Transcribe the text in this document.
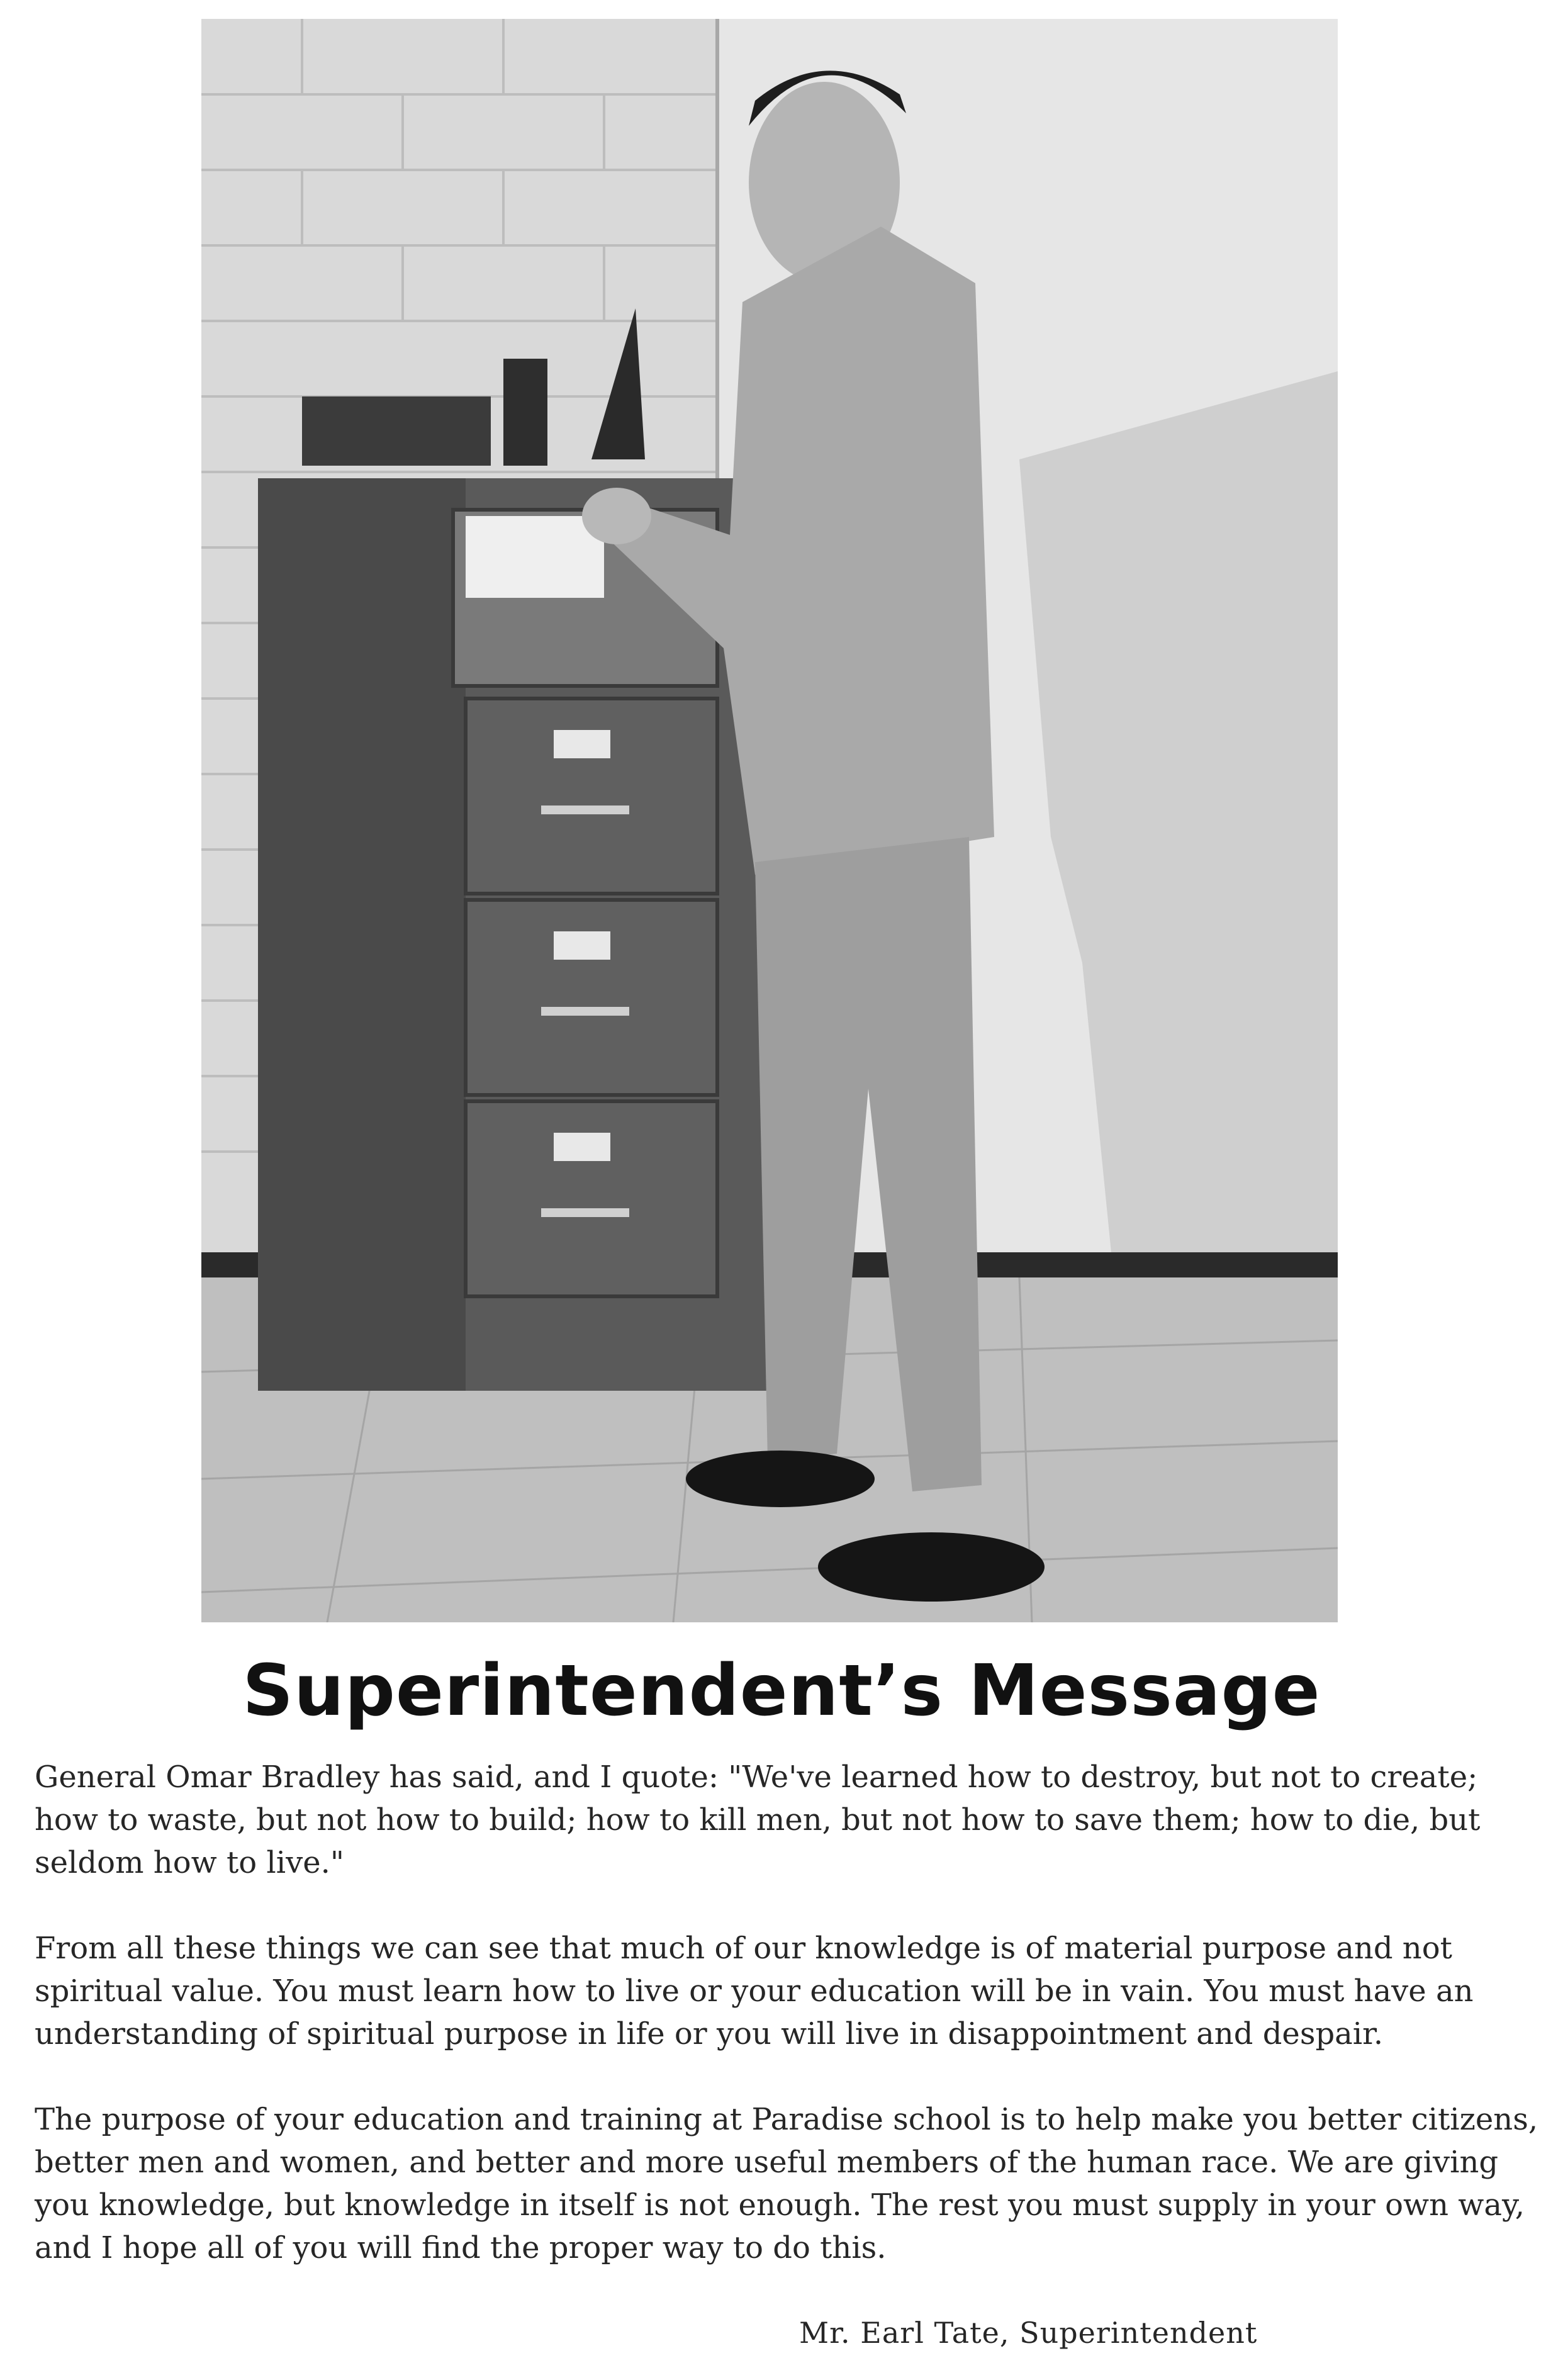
Superintendent’s Message

General Omar Bradley has said, and I quote: "We've learned how to destroy, but not to create; how to waste, but not how to build; how to kill men, but not how to save them; how to die, but seldom how to live."

From all these things we can see that much of our knowledge is of material purpose and not spiritual value. You must learn how to live or your education will be in vain. You must have an understanding of spiritual purpose in life or you will live in disappointment and despair.

The purpose of your education and training at Paradise school is to help make you better citizens, better men and women, and better and more useful members of the human race. We are giving you knowledge, but knowledge in itself is not enough. The rest you must supply in your own way, and I hope all of you will find the proper way to do this.

Mr. Earl Tate, Superintendent
